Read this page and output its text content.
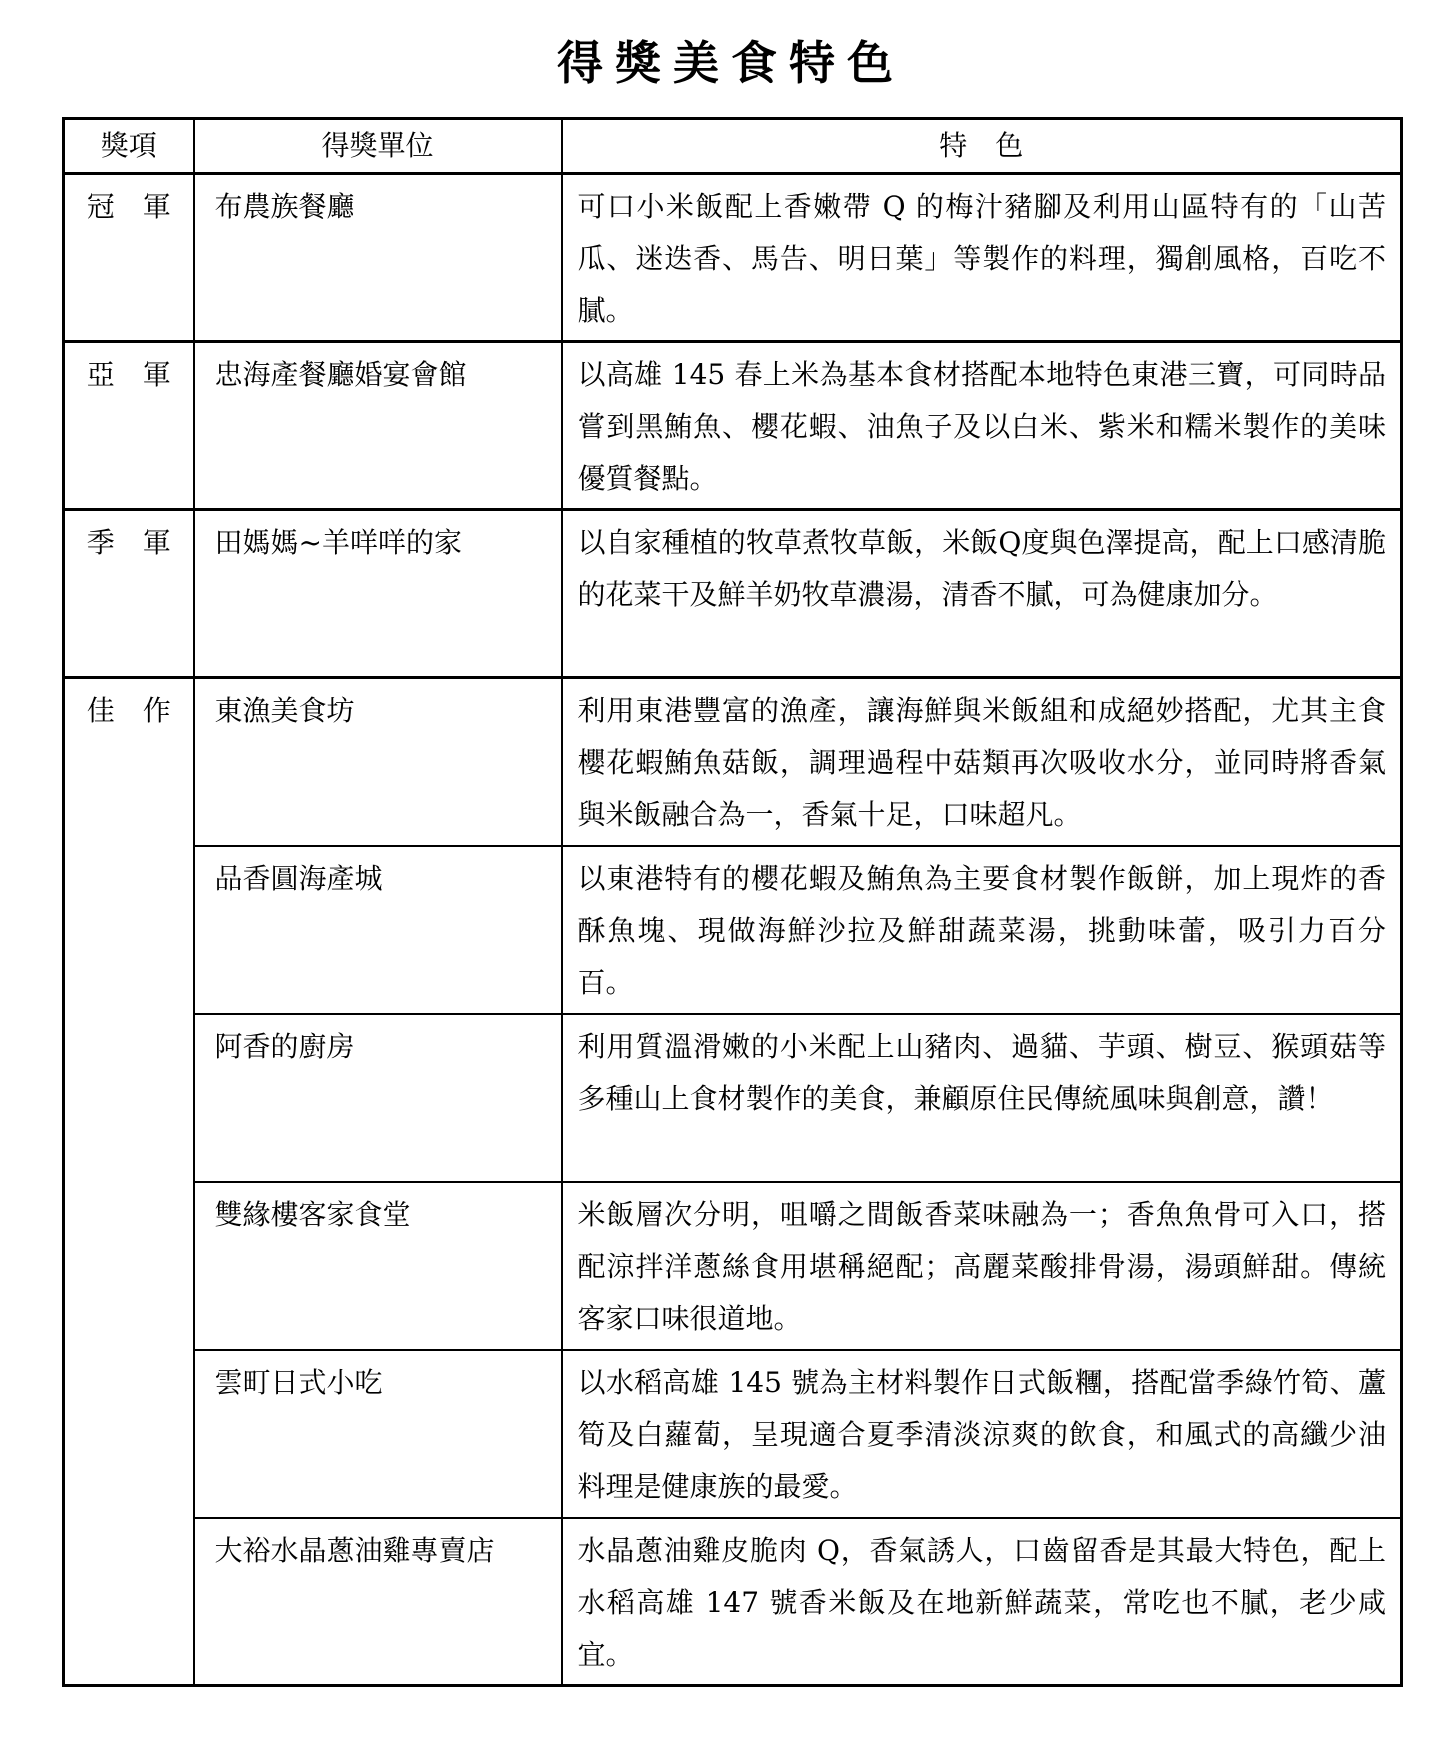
得獎美食特色
獎項	得獎單位	特　色
冠　軍	布農族餐廳	可口小米飯配上香嫩帶 Q 的梅汁豬腳及利用山區特有的「山苦瓜、迷迭香、馬告、明日葉」等製作的料理，獨創風格，百吃不膩。
亞　軍	忠海產餐廳婚宴會館	以高雄 145 春上米為基本食材搭配本地特色東港三寶，可同時品嘗到黑鮪魚、櫻花蝦、油魚子及以白米、紫米和糯米製作的美味優質餐點。
季　軍	田媽媽~羊咩咩的家	以自家種植的牧草煮牧草飯，米飯Q度與色澤提高，配上口感清脆的花菜干及鮮羊奶牧草濃湯，清香不膩，可為健康加分。
佳　作	東漁美食坊	利用東港豐富的漁產，讓海鮮與米飯組和成絕妙搭配，尤其主食櫻花蝦鮪魚菇飯，調理過程中菇類再次吸收水分，並同時將香氣與米飯融合為一，香氣十足，口味超凡。
	品香圓海產城	以東港特有的櫻花蝦及鮪魚為主要食材製作飯餅，加上現炸的香酥魚塊、現做海鮮沙拉及鮮甜蔬菜湯，挑動味蕾，吸引力百分百。
	阿香的廚房	利用質溫滑嫩的小米配上山豬肉、過貓、芋頭、樹豆、猴頭菇等多種山上食材製作的美食，兼顧原住民傳統風味與創意，讚！
	雙緣樓客家食堂	米飯層次分明，咀嚼之間飯香菜味融為一；香魚魚骨可入口，搭配涼拌洋蔥絲食用堪稱絕配；高麗菜酸排骨湯，湯頭鮮甜。傳統客家口味很道地。
	雲町日式小吃	以水稻高雄 145 號為主材料製作日式飯糰，搭配當季綠竹筍、蘆筍及白蘿蔔，呈現適合夏季清淡涼爽的飲食，和風式的高纖少油料理是健康族的最愛。
	大裕水晶蔥油雞專賣店	水晶蔥油雞皮脆肉 Q，香氣誘人，口齒留香是其最大特色，配上水稻高雄 147 號香米飯及在地新鮮蔬菜，常吃也不膩，老少咸宜。
